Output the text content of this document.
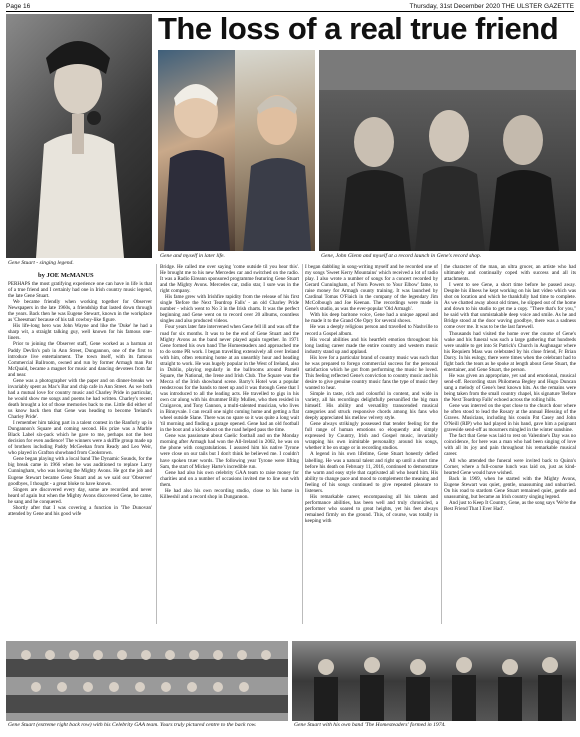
Page 16	Thursday, 31st December 2020 THE ULSTER GAZETTE
The loss of a real true friend
Gene Stuart - singing legend.
by JOE McMANUS
Gene and myself in later life.	Gene, John Glenn and myself at a record launch in Gene's record shop.

PERHAPS the most gratifying experience one can have in life is that of a true friend and I certainly had one in Irish country music legend, the late Gene Stuart.

We became friendly when working together for Observer Newspapers in the late 1960s, a friendship that lasted down through the years. Back then he was Eugene Stewart, known in the workplace as 'Cheesman' because of his tall cowboy-like figure.

His life-long hero was John Wayne and like the 'Duke' he had a sharp wit, a straight talking guy, well known for his famous one-liners.

Prior to joining the Observer staff, Gene worked as a barman at Paddy Devlin's pub in Ann Street, Dungannon, one of the first to introduce live entertainment. The town itself, with its famous Commercial Ballroom, owned and run by former Armagh man Pat McQuaid, became a magnet for music and dancing devotees from far and near.

Gene was a photographer with the paper and on dinner-breaks we invariably spent as Mac's Bar and chip cafe in Ann Street. As we both had a mutual love for country music and Charley Pride in particular, he would show me songs and poems he had written. Charley's recent death brought a lot of those memories back to me. Little did either of us know back then that Gene was heading to become 'Ireland's Charley Pride'.

I remember him taking part in a talent contest in the Ranfurly up in Dungannon's Square and coming second. His prize was a Marble Black Label six-pack which he gave to me, perhaps not the best decision for even audience! The winners were a skiffle group made up of brothers including Paddy McGeehan from Ready and Leo Weir, who played in Grafton showband from Cookstown.

Gene began playing with a local band The Dynamic Sounds, for the big break came in 1966 when he was auditioned to replace Larry Cunningham, who was leaving the Mighty Avons. He got the job and Eugene Stewart became Gene Stuart and as we said our 'Observer' goodbyes, I thought - a great bloke to have known.

Singers are discovered every day, some are recorded and never heard of again but when the Mighty Avons discovered Gene, he came, he sang and he conquered.

Shortly after that I was covering a function in 'The Dunovan' attended by Gene and his good wife

Bridge. He called me over saying 'come outside til you hear this'. He brought me to his new Mercedes car and switched on the radio. It was a Radio Eireann sponsored programme featuring Gene Stuart and the Mighty Avons. Mercedes car, radio star, I sure was in the right company.

His fame grew with Irishfire rapidity from the release of his first single 'Before the Next Teardrop Falls' - an old Charley Pride number - which went to No 3 in the Irish charts. It was the perfect beginning and Gene went on to record over 20 albums, countless singles and also produced videos.

Four years later fate intervened when Gene fell ill and was off the road for six months. It was to be the end of Gene Stuart and the Mighty Avons as the band never played again together. In 1971 Gene formed his own band The Homesteaders and approached me to do some PR work. I began travelling extensively all over Ireland with him, often returning home at an unearthly hour and heading straight to work. He was hugely popular in the West of Ireland, also in Dublin, playing regularly in the ballrooms around Parnell Square, the National, the Irene and Irish Club. The Square was the Mecca of the Irish showband scene. Barry's Hotel was a popular rendezvous for the bands to meet up and it was through Gene that I was introduced to all the leading acts. He travelled to gigs in his own car along with his drummer Billy Mullen, who then resided in Craigavon, and Tony Gannon, a multi-talented musician, who lives in Binnyvale. I can recall one night coming home and getting a flat wheel outside Slane. There was no spare so it was quite a long wait 'til morning and finding a garage opened. Gene had an old football in the boot and a kick-about on the road helped pass the time.

Gene was passionate about Gaelic football and on the Monday morning after Armagh had won the All-Ireland in 2002, he was on the phone with congratulations. I assured him his native Tyrone were close on our tails but I don't think he believed me. I couldn't have spoken truer words. The following year Tyrone were lifting Sam, the start of Mickey Harte's incredible run.

Gene had also his own celebrity GAA team to raise money for charities and on a number of occasions invited me to line out with them.

He had also his own recording studio, close to his home in Killeeshil and a record shop in Dungannon.

I began dabbling in song-writing myself and he recorded one of my songs 'Sweet Kerry Mountains' which received a lot of radio play. I also wrote a number of songs for a concert recorded by Gerard Cunningham, of Norn Powers to Your Elbow' fame, to raise money for Armagh county training. It was launched by Cardinal Tomas O'Fiaich in the company of the legendary Jim McColbough and Joe Keenan. The recordings were made in Gene's studio, as was the ever-popular 'Old Armagh'.

With his deep baritone voice, Gene had a unique appeal and he made it to the Grand Ole Opry for several shows.

He was a deeply religious person and travelled to Nashville to record a Gospel album.

His vocal abilities and his heartfelt emotion throughout his long lasting career made the entire country and western music industry stand up and applaud.

His love for a particular brand of country music was such that he was prepared to forego commercial success for the personal satisfaction which he got from performing the music he loved. This feeling reflected Gene's conviction to country music and his desire to give genuine country music fans the type of music they wanted to hear.

Simple in taste, rich and colourful in content, and wide in variety, all his recordings delightfully personified the big man himself. His ability and versatility transcended musical categories and struck responsive chords among his fans who deeply appreciated his mellow velvety style.

Gene always strikingly possessed that tender feeling for the full range of human emotions so eloquently and simply expressed by Country, Irish and Gospel music, invariably wrapping his own inimitable personality around his songs, whether it be on stage or in recording studios.

A legend in his own lifetime, Gene Stuart honestly defied labelling. He was a natural talent and right up until a short time before his death on February 11, 2016, continued to demonstrate the warm and easy style that captivated all who heard him. His ability to change pace and mood to complement the meaning and feeling of his songs continued to give repeated pleasure to listeners.

His remarkable career, encompassing all his talents and performance abilities, has been well and truly chronicled, a performer who soared to great heights, yet his feet always remained firmly on the ground. This, of course, was totally in keeping with

the character of the man, an ultra grocer, an artiste who had ultimately and continually coped with success and all its attachments.

I went to see Gene, a short time before he passed away. Despite his illness he kept working on his last video which was shot on location and which he thankfully had time to complete. As we chatted away about old times, he slipped out of the home and down to his studio to get me a copy. "There that's for you," he said with that unmistakable deep voice and smile. As he and Bridge stood at the door waving goodbye, there was a sadness come over me. It was to be the last farewell.

Thousands had visited the home over the course of Gene's wake and his funeral was such a large gathering that hundreds were unable to get into St Patrick's Church in Aughnagar where his Requiem Mass was celebrated by his close friend, Fr Brian Darcy. In his eulogy, there were times when the celebrant had to fight back the tears as he spoke at length about Gene Stuart, the entertainer, and Gene Stuart, the person.

He was given an appropriate, yet sad and emotional, musical send-off. Recording stars Philomena Begley and Hugo Duncan sang a melody of Gene's best known hits. As the remains were being taken from the small country chapel, his signature 'Before the Next Teardrop Falls' echoed across the rolling hills.

Gene was interred on the spot close to the church door where he often stood to lead the Rosary at the annual Blessing of the Graves. Musicians, including his cousin Pat Casey and John O'Neill (RIP) who had played in his band, gave him a poignant graveside send-off as mourners mingled in the winter sunshine.

The fact that Gene was laid to rest on Valentine's Day was no coincidence, for here was a man who had been singing of love with all its joy and pain throughout his remarkable musical career.

All who attended the funeral were invited back to Quinn's Corner, where a full-course lunch was laid on, just as kind-hearted Gene would have wished.

Back in 1969, when he started with the Mighty Avons, Eugene Stewart was quiet, gentle, unassuming and unhurried. On his road to stardom Gene Stuart remained quiet, gentle and unassuming, but became an Irish country singing legend.

And just to Keep It Country, Gene, as the song says 'We're the Best Friend That I Ever Had'.

Gene Stuart (extreme right back row) with his Celebrity GAA team. Yours truly pictured centre to the back row.	Gene Stuart with his own band 'The Homesteaders' formed in 1974.
